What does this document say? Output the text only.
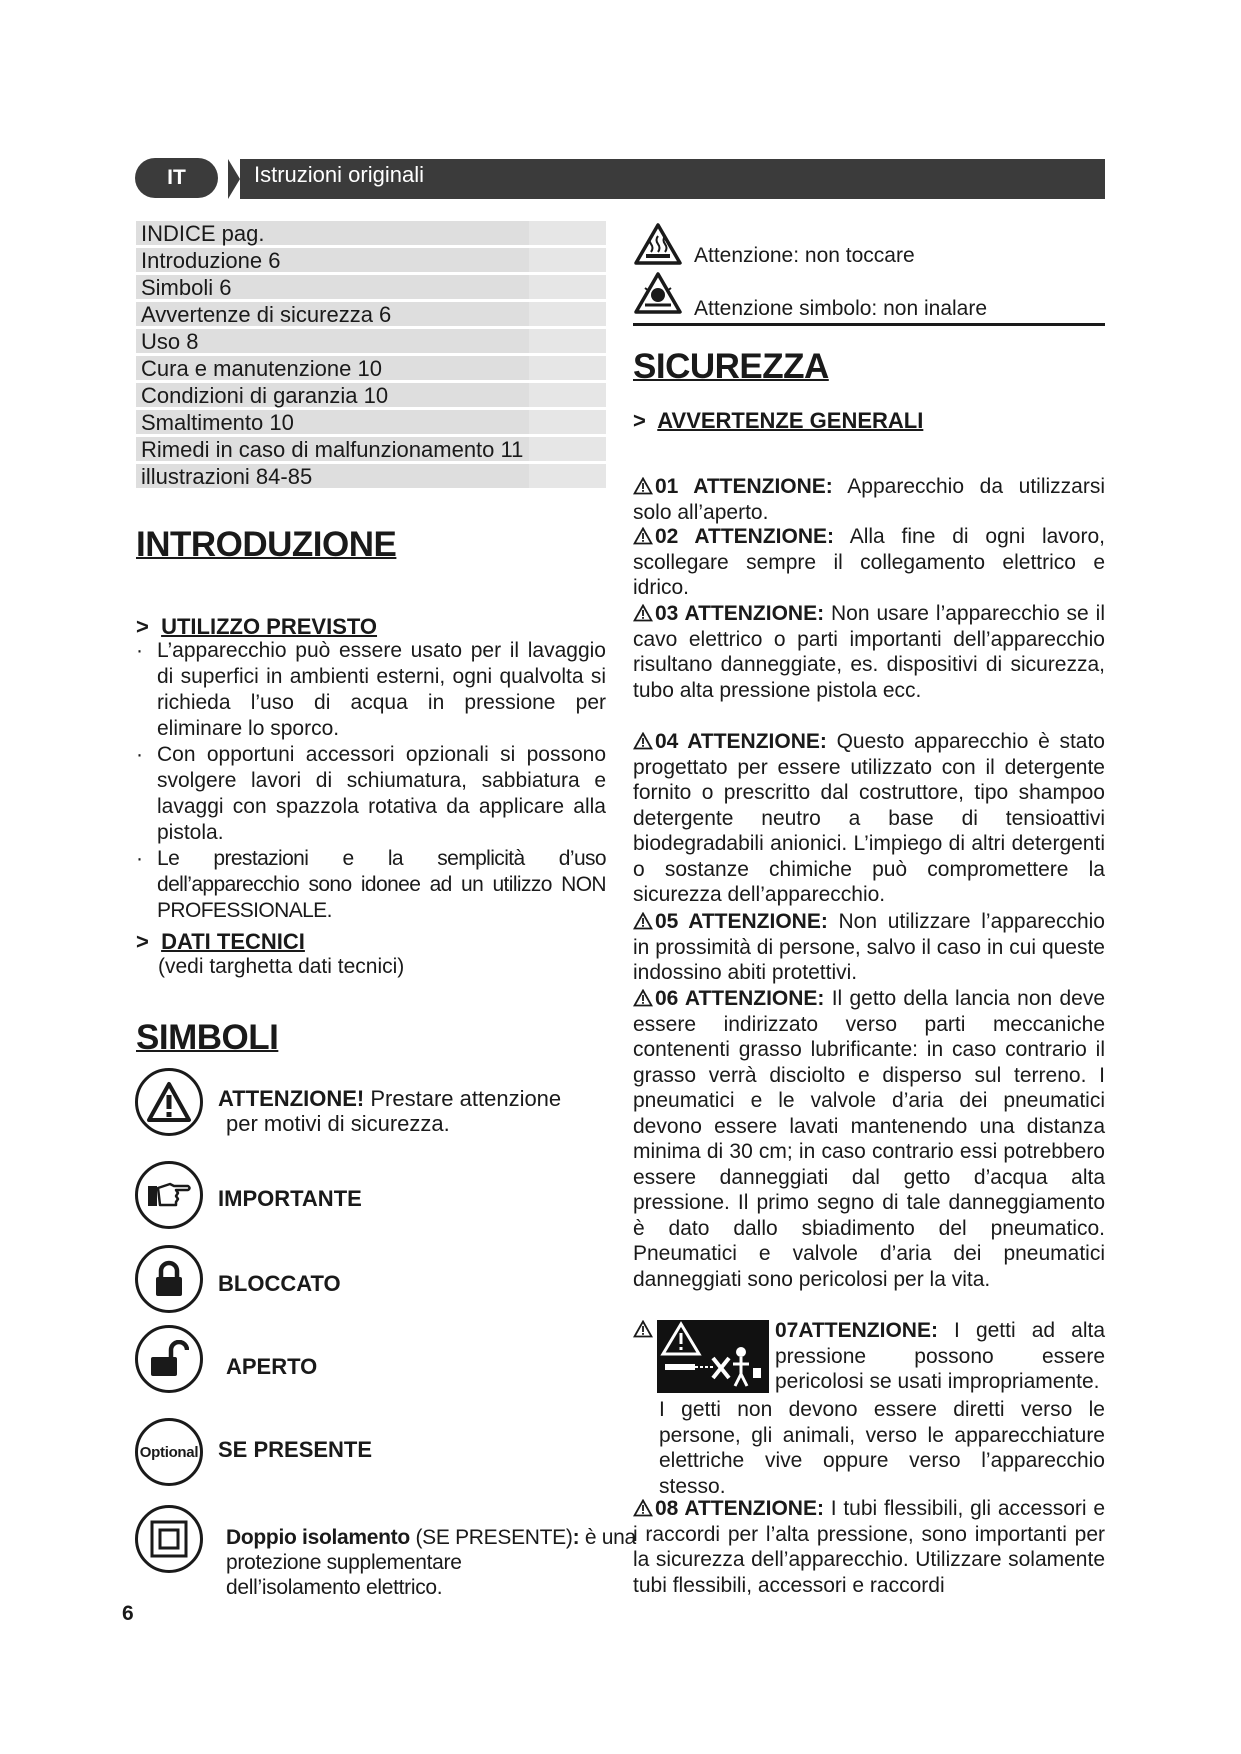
IT	Istruzioni originali
INDICE pag.
Introduzione 6
Simboli 6
Avvertenze di sicurezza 6
Uso 8
Cura e manutenzione 10
Condizioni di garanzia 10
Smaltimento 10
Rimedi in caso di malfunzionamento 11
illustrazioni 84-85
INTRODUZIONE
>  UTILIZZO PREVISTO
· L’apparecchio può essere usato per il lavaggio di superfici in ambienti esterni, ogni qualvolta si richieda l’uso di acqua in pressione per eliminare lo sporco.
· Con opportuni accessori opzionali si possono svolgere lavori di schiumatura, sabbiatura e lavaggi con spazzola rotativa da applicare alla pistola.
· Le prestazioni e la semplicità d’uso dell’apparecchio sono idonee ad un utilizzo NON PROFESSIONALE.
>  DATI TECNICI
(vedi targhetta dati tecnici)
SIMBOLI
ATTENZIONE! Prestare attenzione
per motivi di sicurezza.
IMPORTANTE
BLOCCATO
APERTO
Optional SE PRESENTE
Doppio isolamento (SE PRESENTE): è una
protezione supplementare
dell’isolamento elettrico.
6
Attenzione: non toccare
Attenzione simbolo: non inalare
SICUREZZA
>  AVVERTENZE GENERALI
01 ATTENZIONE: Apparecchio da utilizzarsi solo all’aperto.
02 ATTENZIONE: Alla fine di ogni lavoro, scollegare sempre il collegamento elettrico e idrico.
03 ATTENZIONE: Non usare l’apparecchio se il cavo elettrico o parti importanti dell’apparecchio risultano danneggiate, es. dispositivi di sicurezza, tubo alta pressione pistola ecc.
04 ATTENZIONE: Questo apparecchio è stato progettato per essere utilizzato con il detergente fornito o prescritto dal costruttore, tipo shampoo detergente neutro a base di tensioattivi biodegradabili anionici. L’impiego di altri detergenti o sostanze chimiche può compromettere la sicurezza dell’apparecchio.
05 ATTENZIONE: Non utilizzare l’apparecchio in prossimità di persone, salvo il caso in cui queste indossino abiti protettivi.
06 ATTENZIONE: Il getto della lancia non deve essere indirizzato verso parti meccaniche contenenti grasso lubrificante: in caso contrario il grasso verrà disciolto e disperso sul terreno. I pneumatici e le valvole d’aria dei pneumatici devono essere lavati mantenendo una distanza minima di 30 cm; in caso contrario essi potrebbero essere danneggiati dal getto d’acqua alta pressione. Il primo segno di tale danneggiamento è dato dallo sbiadimento del pneumatico. Pneumatici e valvole d’aria dei pneumatici danneggiati sono pericolosi per la vita.
07ATTENZIONE: I getti ad alta pressione possono essere pericolosi se usati impropriamente.
I getti non devono essere diretti verso le persone, gli animali, verso le apparecchiature elettriche vive oppure verso l’apparecchio stesso.
08 ATTENZIONE: I tubi flessibili, gli accessori e i raccordi per l’alta pressione, sono importanti per la sicurezza dell’apparecchio. Utilizzare solamente tubi flessibili, accessori e raccordi
